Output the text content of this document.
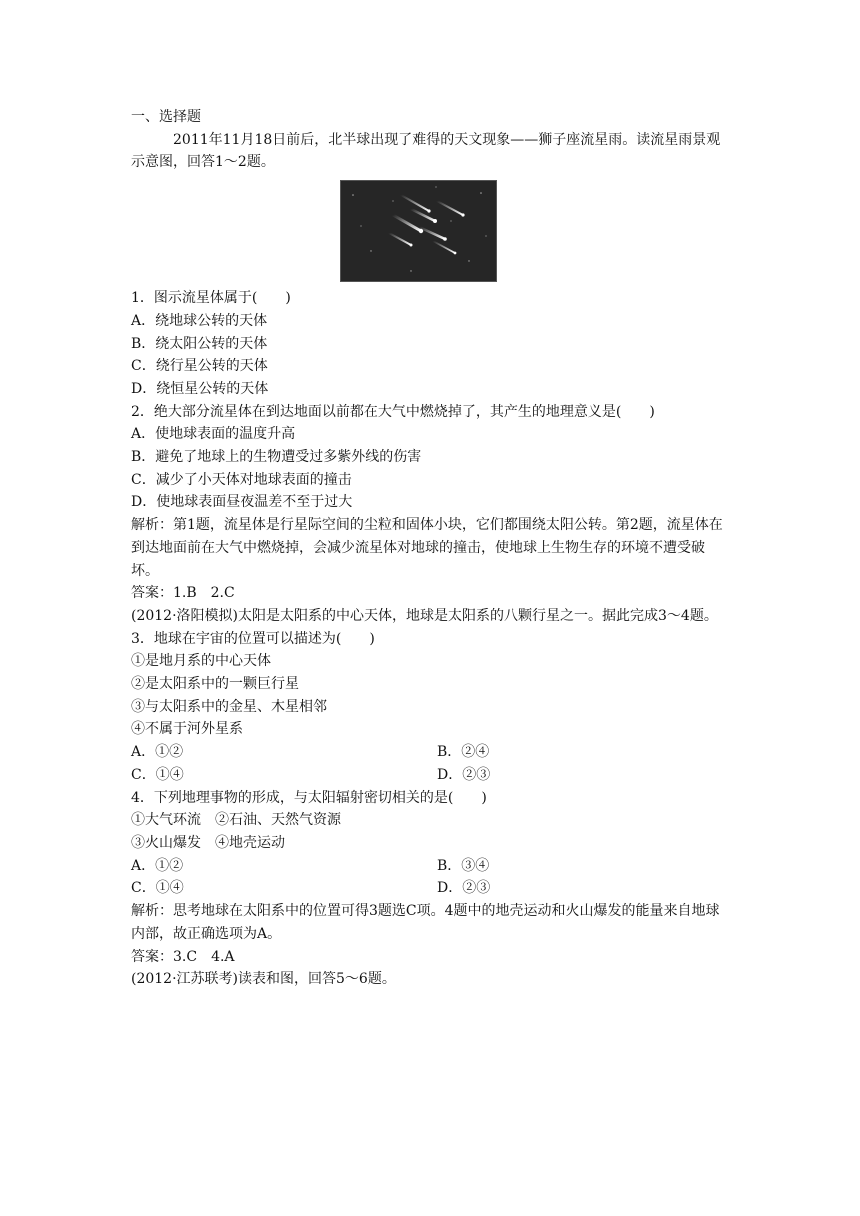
一、选择题
2011年11月18日前后，北半球出现了难得的天文现象——狮子座流星雨。读流星雨景观示意图，回答1～2题。
1．图示流星体属于(　　)
A．绕地球公转的天体
B．绕太阳公转的天体
C．绕行星公转的天体
D．绕恒星公转的天体
2．绝大部分流星体在到达地面以前都在大气中燃烧掉了，其产生的地理意义是(　　)
A．使地球表面的温度升高
B．避免了地球上的生物遭受过多紫外线的伤害
C．减少了小天体对地球表面的撞击
D．使地球表面昼夜温差不至于过大
解析：第1题，流星体是行星际空间的尘粒和固体小块，它们都围绕太阳公转。第2题，流星体在到达地面前在大气中燃烧掉，会减少流星体对地球的撞击，使地球上生物生存的环境不遭受破坏。
答案：1.B　2.C
(2012·洛阳模拟)太阳是太阳系的中心天体，地球是太阳系的八颗行星之一。据此完成3～4题。
3．地球在宇宙的位置可以描述为(　　)
①是地月系的中心天体
②是太阳系中的一颗巨行星
③与太阳系中的金星、木星相邻
④不属于河外星系
A．①②	B．②④
C．①④	D．②③
4．下列地理事物的形成，与太阳辐射密切相关的是(　　)
①大气环流　②石油、天然气资源
③火山爆发　④地壳运动
A．①②	B．③④
C．①④	D．②③
解析：思考地球在太阳系中的位置可得3题选C项。4题中的地壳运动和火山爆发的能量来自地球内部，故正确选项为A。
答案：3.C　4.A
(2012·江苏联考)读表和图，回答5～6题。
